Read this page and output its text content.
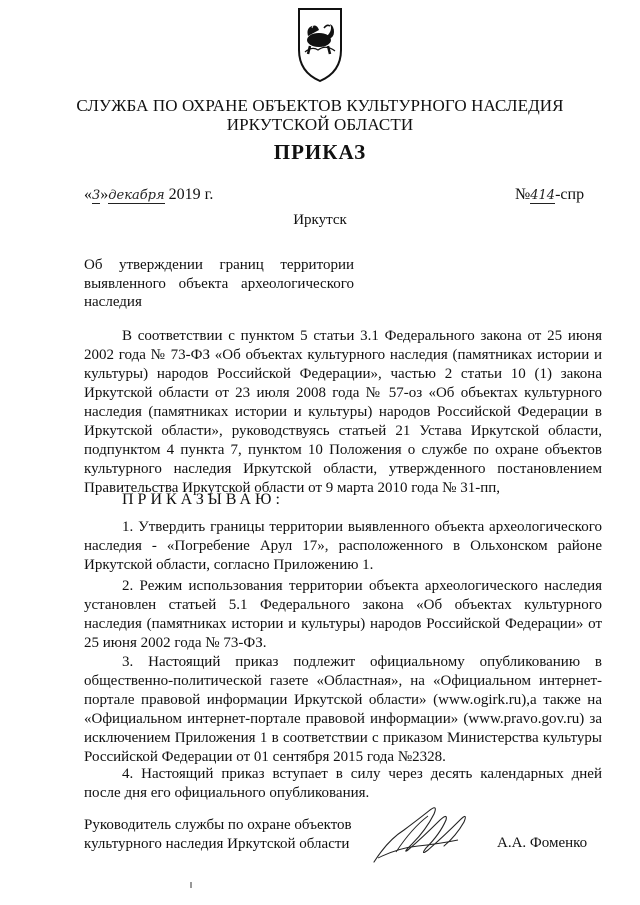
СЛУЖБА ПО ОХРАНЕ ОБЪЕКТОВ КУЛЬТУРНОГО НАСЛЕДИЯ
ИРКУТСКОЙ ОБЛАСТИ
ПРИКАЗ
«3»декабря 2019 г.	№414-спр
Иркутск
Об утверждении границ территории выявленного объекта археологического наследия
В соответствии с пунктом 5 статьи 3.1 Федерального закона от 25 июня 2002 года № 73-ФЗ «Об объектах культурного наследия (памятниках истории и культуры) народов Российской Федерации», частью 2 статьи 10 (1) закона Иркутской области от 23 июля 2008 года № 57-оз «Об объектах культурного наследия (памятниках истории и культуры) народов Российской Федерации в Иркутской области», руководствуясь статьей 21 Устава Иркутской области, подпунктом 4 пункта 7, пунктом 10 Положения о службе по охране объектов культурного наследия Иркутской области, утвержденного постановлением Правительства Иркутской области от 9 марта 2010 года № 31-пп,
ПРИКАЗЫВАЮ:
1. Утвердить границы территории выявленного объекта археологического наследия - «Погребение Арул 17», расположенного в Ольхонском районе Иркутской области, согласно Приложению 1.
2. Режим использования территории объекта археологического наследия установлен статьей 5.1 Федерального закона «Об объектах культурного наследия (памятниках истории и культуры) народов Российской Федерации» от 25 июня 2002 года № 73-ФЗ.
3. Настоящий приказ подлежит официальному опубликованию в общественно-политической газете «Областная», на «Официальном интернет-портале правовой информации Иркутской области» (www.ogirk.ru),а также на «Официальном интернет-портале правовой информации» (www.pravo.gov.ru) за исключением Приложения 1 в соответствии с приказом Министерства культуры Российской Федерации от 01 сентября 2015 года №2328.
4. Настоящий приказ вступает в силу через десять календарных дней после дня его официального опубликования.
Руководитель службы по охране объектов
культурного наследия Иркутской области	А.А. Фоменко
